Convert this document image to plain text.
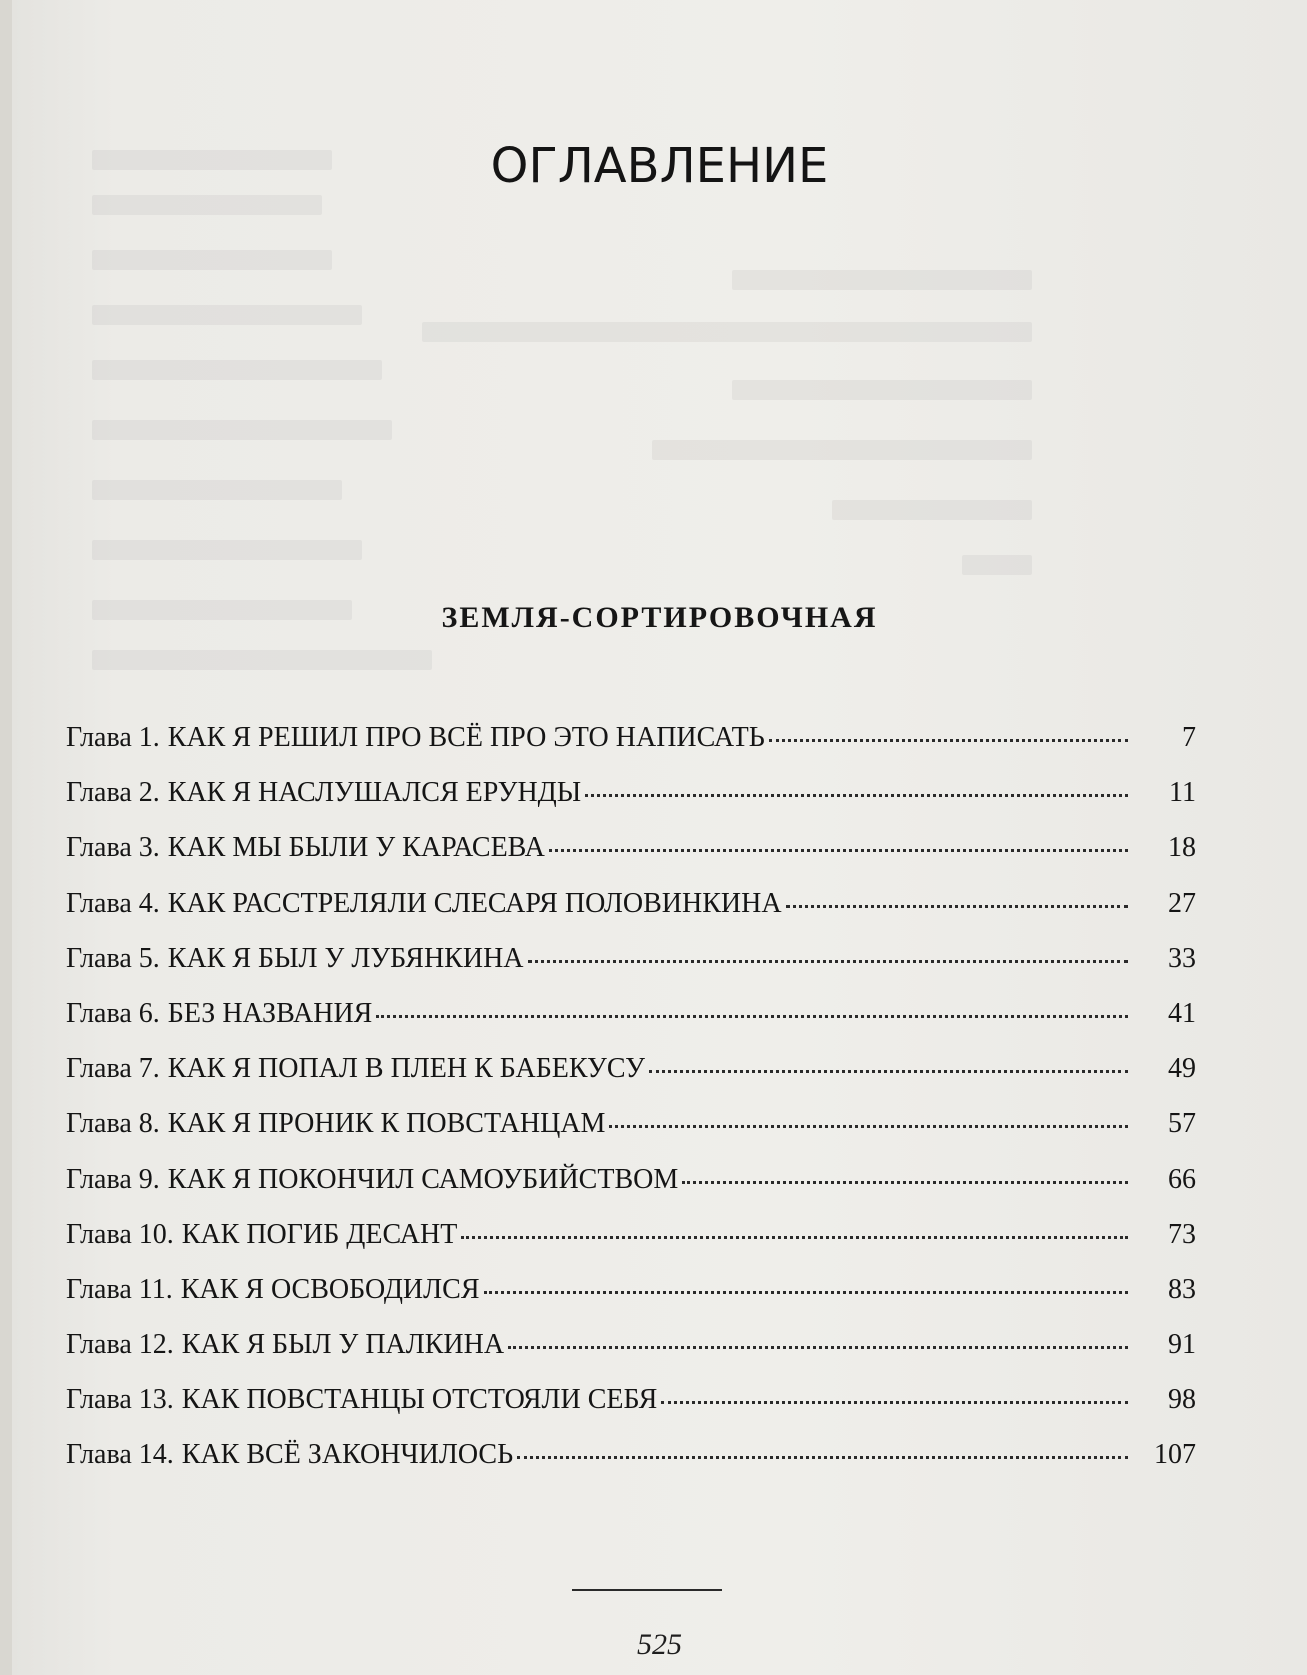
ОГЛАВЛЕНИЕ
ЗЕМЛЯ-СОРТИРОВОЧНАЯ
Глава 1. КАК Я РЕШИЛ ПРО ВСЁ ПРО ЭТО НАПИСАТЬ	7
Глава 2. КАК Я НАСЛУШАЛСЯ ЕРУНДЫ	11
Глава 3. КАК МЫ БЫЛИ У КАРАСЕВА	18
Глава 4. КАК РАССТРЕЛЯЛИ СЛЕСАРЯ ПОЛОВИНКИНА	27
Глава 5. КАК Я БЫЛ У ЛУБЯНКИНА	33
Глава 6. БЕЗ НАЗВАНИЯ	41
Глава 7. КАК Я ПОПАЛ В ПЛЕН К БАБЕКУСУ	49
Глава 8. КАК Я ПРОНИК К ПОВСТАНЦАМ	57
Глава 9. КАК Я ПОКОНЧИЛ САМОУБИЙСТВОМ	66
Глава 10. КАК ПОГИБ ДЕСАНТ	73
Глава 11. КАК Я ОСВОБОДИЛСЯ	83
Глава 12. КАК Я БЫЛ У ПАЛКИНА	91
Глава 13. КАК ПОВСТАНЦЫ ОТСТОЯЛИ СЕБЯ	98
Глава 14. КАК ВСЁ ЗАКОНЧИЛОСЬ	107
525
